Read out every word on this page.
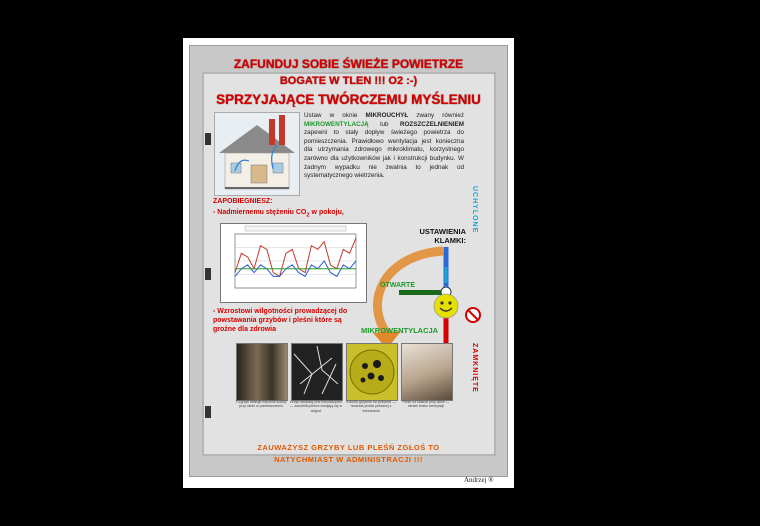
ZAFUNDUJ SOBIE ŚWIEŻE POWIETRZE
BOGATE W TLEN !!! O2 :-)
SPRZYJAJĄCE TWÓRCZEMU MYŚLENIU
Ustaw w oknie MIKROUCHYŁ zwany również MIKROWENTYLACJĄ lub ROZSZCZELNIENIEM zapewni to stały dopływ świeżego powietrza do pomieszczenia. Prawidłowo wentylacja jest konieczna dla utrzymania zdrowego mikroklimatu, korzystnego zarówno dla użytkowników jak i konstrukcji budynku. W żadnym wypadku nie zwalnia to jednak od systematycznego wietrzenia.
ZAPOBIEGNIESZ:
- Nadmiernemu stężeniu $CO_2$ w pokoju,
- Wzrostowi wilgotności prowadzącej do powstawania grzybów i pleśni które są groźne dla zdrowia
USTAWIENIA KLAMKI:
OTWARTE
MIKROWENTYLACJA
UCHYLONE
ZAMKNIĘTE
Tu grzyb atakuje narożnik ściany przy oknie w pomieszczeniu
Grzyb widziany pod mikroskopem — zarodniki pleśni rozwijają się w wilgoci
Kolonia grzybów na pożywce — hodowla próbki pobranej z mieszkania
Pleśń na ścianie przy oknie — skutek braku wentylacji
ZAUWAŻYSZ GRZYBY LUB PLEŚŃ ZGŁOŚ TO
NATYCHMIAST W ADMINISTRACJI !!!
Andrzej ®
